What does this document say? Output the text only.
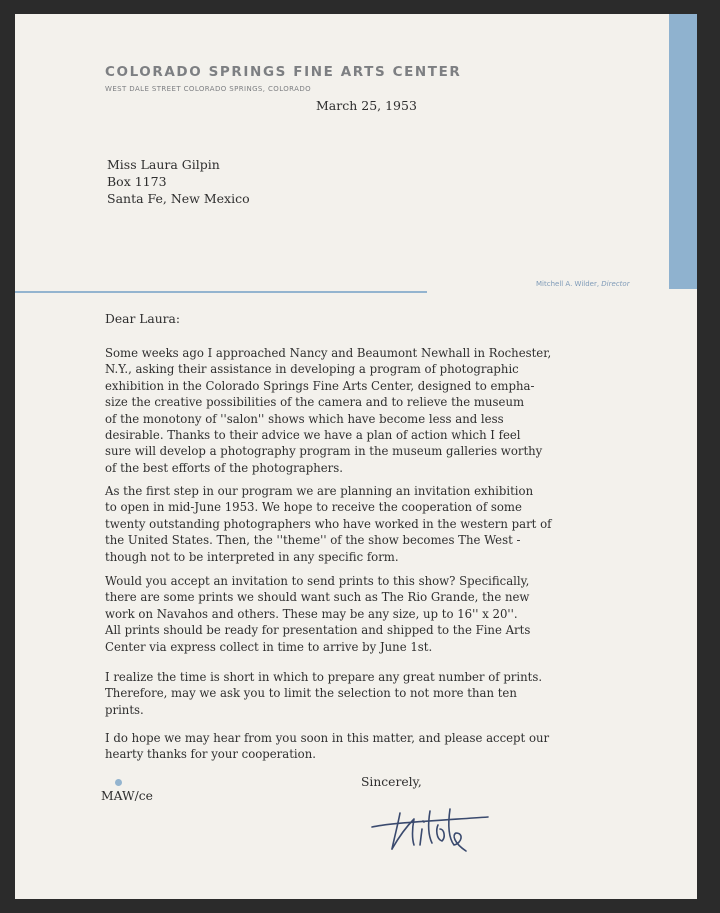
COLORADO SPRINGS FINE ARTS CENTER
WEST DALE STREET COLORADO SPRINGS, COLORADO
March 25, 1953
Miss Laura Gilpin
Box 1173
Santa Fe, New Mexico
Mitchell A. Wilder, Director
Dear Laura:

Some weeks ago I approached Nancy and Beaumont Newhall in Rochester,
N.Y., asking their assistance in developing a program of photographic
exhibition in the Colorado Springs Fine Arts Center, designed to empha-
size the creative possibilities of the camera and to relieve the museum
of the monotony of ''salon'' shows which have become less and less
desirable. Thanks to their advice we have a plan of action which I feel
sure will develop a photography program in the museum galleries worthy
of the best efforts of the photographers.

As the first step in our program we are planning an invitation exhibition
to open in mid-June 1953. We hope to receive the cooperation of some
twenty outstanding photographers who have worked in the western part of
the United States. Then, the ''theme'' of the show becomes The West -
though not to be interpreted in any specific form.

Would you accept an invitation to send prints to this show? Specifically,
there are some prints we should want such as The Rio Grande, the new
work on Navahos and others. These may be any size, up to 16'' x 20''.
All prints should be ready for presentation and shipped to the Fine Arts
Center via express collect in time to arrive by June 1st.

I realize the time is short in which to prepare any great number of prints.
Therefore, may we ask you to limit the selection to not more than ten
prints.

I do hope we may hear from you soon in this matter, and please accept our
hearty thanks for your cooperation.

Sincerely,
MAW/ce
